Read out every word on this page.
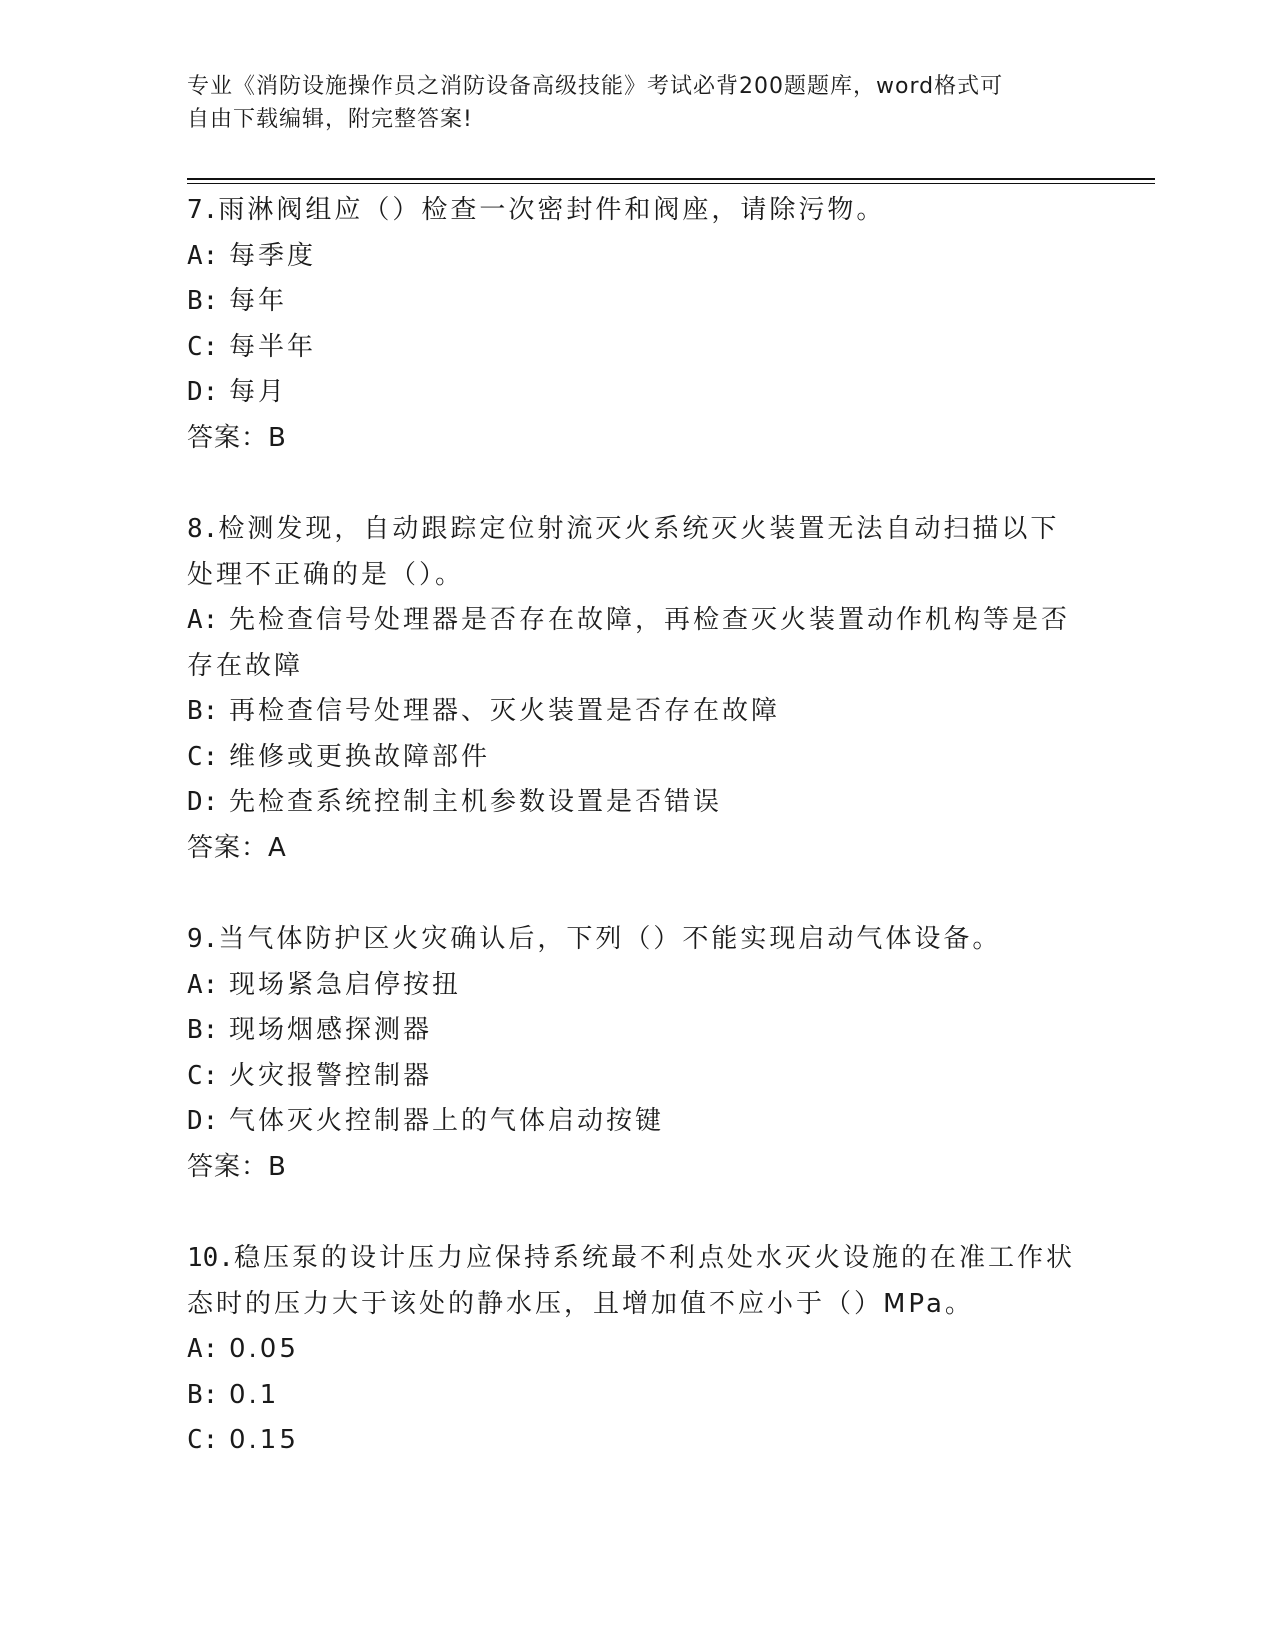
专业《消防设施操作员之消防设备高级技能》考试必背200题题库，word格式可
自由下载编辑，附完整答案!
7.雨淋阀组应（）检查一次密封件和阀座，请除污物。
A: 每季度
B: 每年
C: 每半年
D: 每月
答案：B
8.检测发现，自动跟踪定位射流灭火系统灭火装置无法自动扫描以下
处理不正确的是（）。
A: 先检查信号处理器是否存在故障，再检查灭火装置动作机构等是否
存在故障
B: 再检查信号处理器、灭火装置是否存在故障
C: 维修或更换故障部件
D: 先检查系统控制主机参数设置是否错误
答案：A
9.当气体防护区火灾确认后，下列（）不能实现启动气体设备。
A: 现场紧急启停按扭
B: 现场烟感探测器
C: 火灾报警控制器
D: 气体灭火控制器上的气体启动按键
答案：B
10.稳压泵的设计压力应保持系统最不利点处水灭火设施的在准工作状
态时的压力大于该处的静水压，且增加值不应小于（）MPa。
A: 0.05
B: 0.1
C: 0.15
